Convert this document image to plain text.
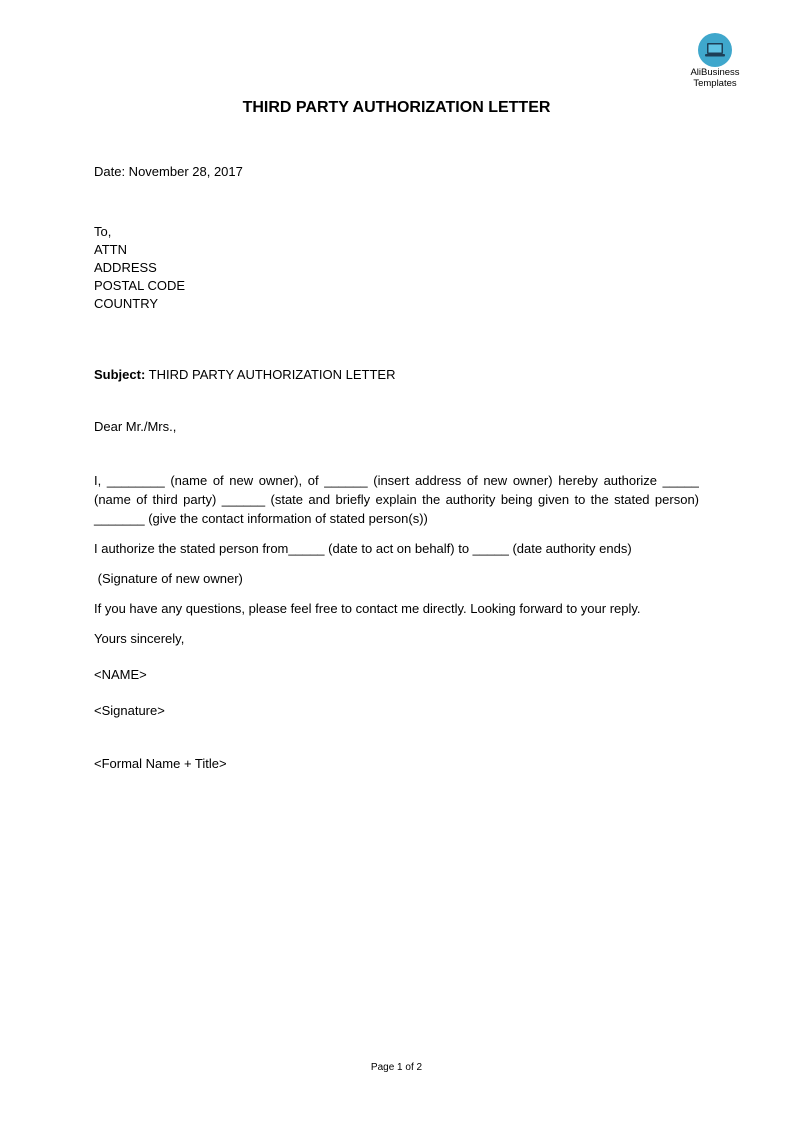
AliBusiness
Templates
THIRD PARTY AUTHORIZATION LETTER
Date: November 28, 2017
To,
ATTN
ADDRESS
POSTAL CODE
COUNTRY
Subject: THIRD PARTY AUTHORIZATION LETTER
Dear Mr./Mrs.,
I, ________ (name of new owner), of ______ (insert address of new owner) hereby authorize _____
(name of third party) ______ (state and briefly explain the authority being given to the stated person)
_______ (give the contact information of stated person(s))
I authorize the stated person from_____ (date to act on behalf) to _____ (date authority ends)
(Signature of new owner)
If you have any questions, please feel free to contact me directly. Looking forward to your reply.
Yours sincerely,
<NAME>
<Signature>
<Formal Name + Title>
Page 1 of 2
